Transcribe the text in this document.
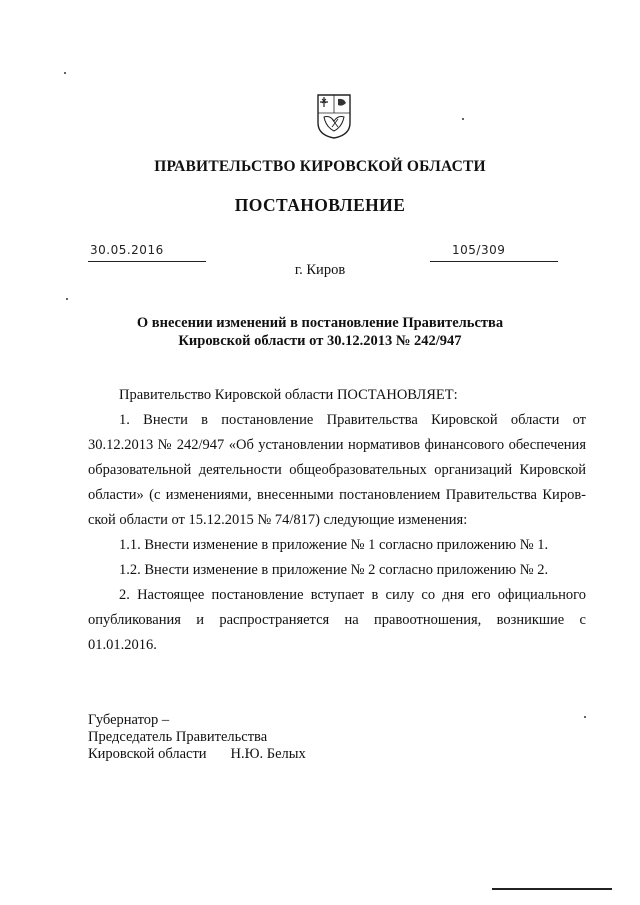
ПРАВИТЕЛЬСТВО КИРОВСКОЙ ОБЛАСТИ
ПОСТАНОВЛЕНИЕ
30.05.2016	105/309
г. Киров
О внесении изменений в постановление Правительства
Кировской области от 30.12.2013 № 242/947

Правительство Кировской области ПОСТАНОВЛЯЕТ:

1. Внести в постановление Правительства Кировской области от 30.12.2013 № 242/947 «Об установлении нормативов финансового обеспечения образовательной деятельности общеобразовательных организаций Кировской области» (с изменениями, внесенными постановлением Правительства Киров-ской области от 15.12.2015 № 74/817) следующие изменения:

1.1. Внести изменение в приложение № 1 согласно приложению № 1.

1.2. Внести изменение в приложение № 2 согласно приложению № 2.

2. Настоящее постановление вступает в силу со дня его официального опубликования и распространяется на правоотношения, возникшие с 01.01.2016.

Губернатор –
Председатель Правительства
Кировской области Н.Ю. Белых
